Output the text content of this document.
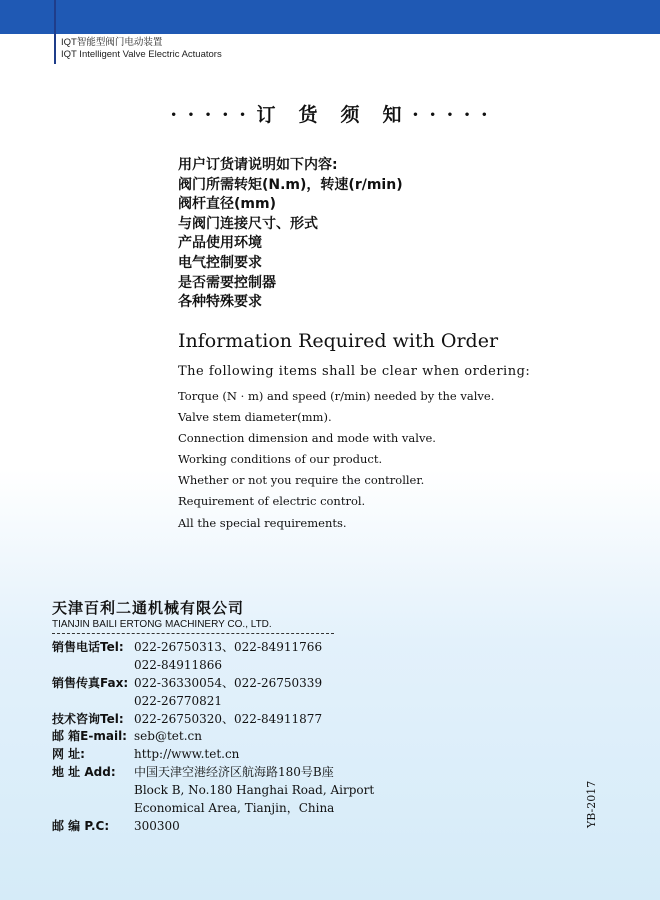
IQT智能型阀门电动装置
IQT Intelligent Valve Electric Actuators
· · · · · 订　货　须　知 · · · · ·
用户订货请说明如下内容:
阀门所需转矩(N.m)，转速(r/min)
阀杆直径(mm)
与阀门连接尺寸、形式
产品使用环境
电气控制要求
是否需要控制器
各种特殊要求
Information Required with Order
The following items shall be clear when ordering:
Torque (N · m) and speed (r/min) needed by the valve.
Valve stem diameter(mm).
Connection dimension and mode with valve.
Working conditions of our product.
Whether or not you require the controller.
Requirement of electric control.
All the special requirements.
天津百利二通机械有限公司
TIANJIN BAILI ERTONG MACHINERY CO., LTD.
销售电话Tel: 022-26750313、022-84911766
022-84911866
销售传真Fax: 022-36330054、022-26750339
022-26770821
技术咨询Tel: 022-26750320、022-84911877
邮 箱E-mail: seb@tet.cn
网 址:	http://www.tet.cn
地 址 Add: 中国天津空港经济区航海路180号B座
Block B, No.180 Hanghai Road, Airport
Economical Area, Tianjin，China
邮 编 P.C: 300300	YB-2017
